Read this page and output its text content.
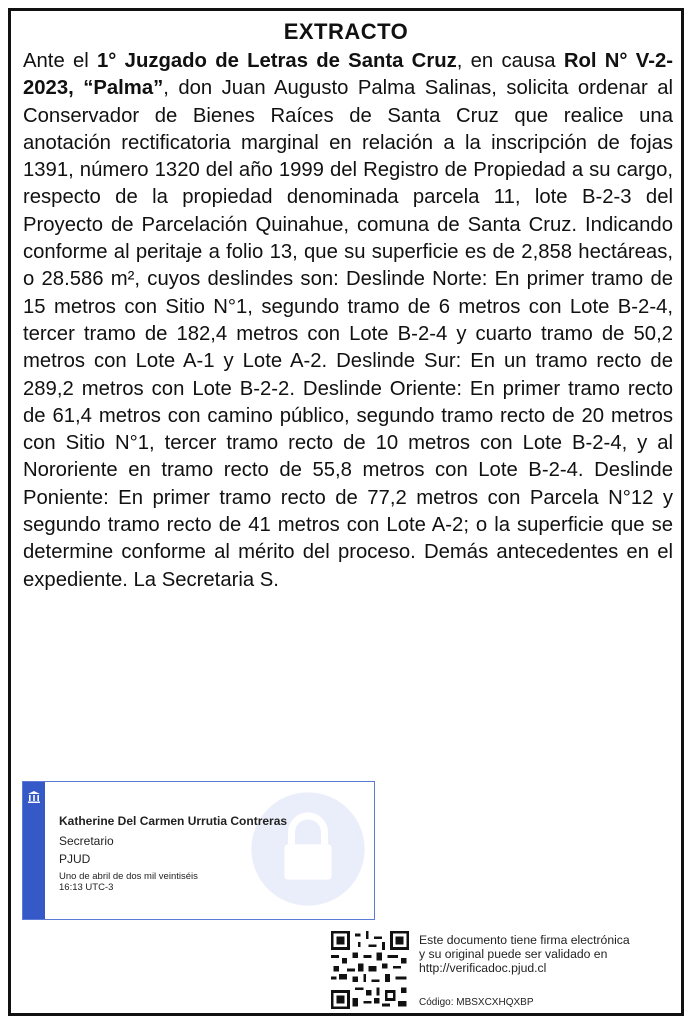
EXTRACTO
Ante el 1° Juzgado de Letras de Santa Cruz, en causa Rol N° V-2-2023, “Palma”, don Juan Augusto Palma Salinas, solicita ordenar al Conservador de Bienes Raíces de Santa Cruz que realice una anotación rectificatoria marginal en relación a la inscripción de fojas 1391, número 1320 del año 1999 del Registro de Propiedad a su cargo, respecto de la propiedad denominada parcela 11, lote B-2-3 del Proyecto de Parcelación Quinahue, comuna de Santa Cruz. Indicando conforme al peritaje a folio 13, que su superficie es de 2,858 hectáreas, o 28.586 m², cuyos deslindes son: Deslinde Norte: En primer tramo de 15 metros con Sitio N°1, segundo tramo de 6 metros con Lote B-2-4, tercer tramo de 182,4 metros con Lote B-2-4 y cuarto tramo de 50,2 metros con Lote A-1 y Lote A-2. Deslinde Sur: En un tramo recto de 289,2 metros con Lote B-2-2. Deslinde Oriente: En primer tramo recto de 61,4 metros con camino público, segundo tramo recto de 20 metros con Sitio N°1, tercer tramo recto de 10 metros con Lote B-2-4, y al Nororiente en tramo recto de 55,8 metros con Lote B-2-4. Deslinde Poniente: En primer tramo recto de 77,2 metros con Parcela N°12 y segundo tramo recto de 41 metros con Lote A-2; o la superficie que se determine conforme al mérito del proceso. Demás antecedentes en el expediente. La Secretaria S.
Katherine Del Carmen Urrutia Contreras
Secretario
PJUD
Uno de abril de dos mil veintiséis
16:13 UTC-3
Este documento tiene firma electrónica
y su original puede ser validado en
http://verificadoc.pjud.cl
Código: MBSXCXHQXBP
